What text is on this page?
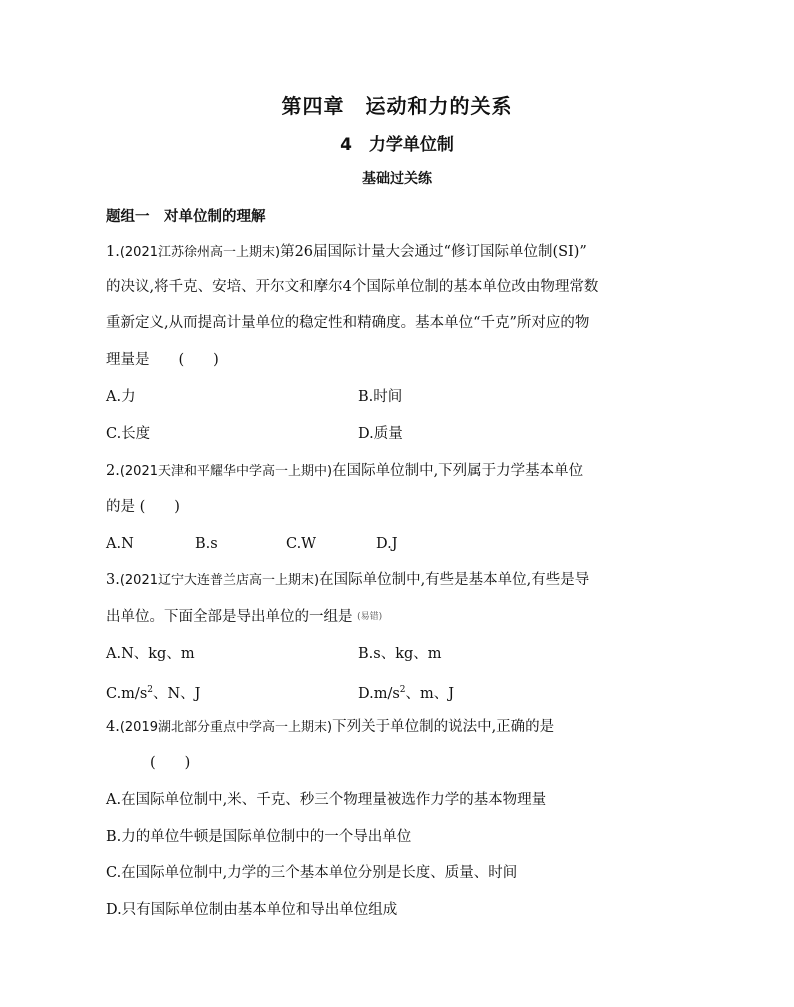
第四章　运动和力的关系
4　力学单位制
基础过关练
题组一　对单位制的理解
1.(2021江苏徐州高一上期末)第26届国际计量大会通过“修订国际单位制(SI)”
的决议,将千克、安培、开尔文和摩尔4个国际单位制的基本单位改由物理常数
重新定义,从而提高计量单位的稳定性和精确度。基本单位“千克”所对应的物
理量是　　(　　)
A.力	B.时间
C.长度	D.质量
2.(2021天津和平耀华中学高一上期中)在国际单位制中,下列属于力学基本单位
的是 (　　)
A.N	B.s	C.W	D.J
3.(2021辽宁大连普兰店高一上期末)在国际单位制中,有些是基本单位,有些是导
出单位。下面全部是导出单位的一组是 (易错)
A.N、kg、m	B.s、kg、m
$C.m/s^2$、N、J	$D.m/s^2$、m、J
4.(2019湖北部分重点中学高一上期末)下列关于单位制的说法中,正确的是
(　　)
A.在国际单位制中,米、千克、秒三个物理量被选作力学的基本物理量
B.力的单位牛顿是国际单位制中的一个导出单位
C.在国际单位制中,力学的三个基本单位分别是长度、质量、时间
D.只有国际单位制由基本单位和导出单位组成
